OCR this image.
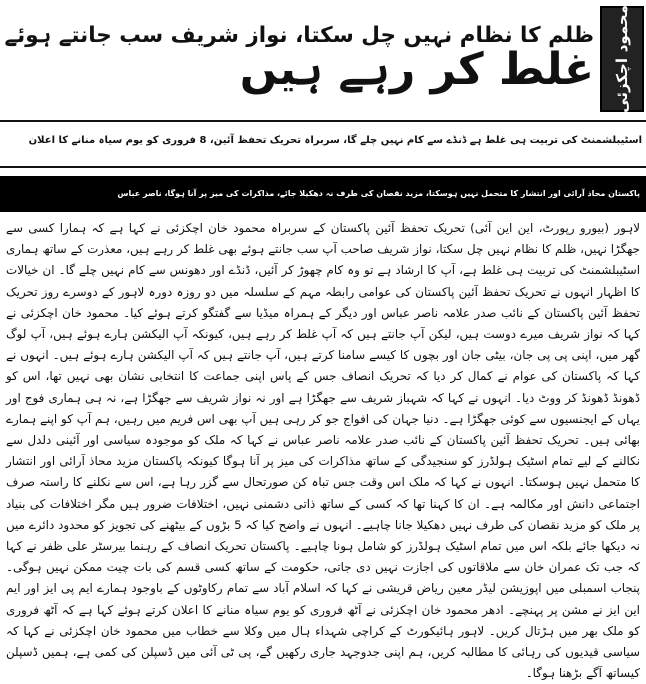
ظلم کا نظام نہیں چل سکتا، نواز شریف سب جانتے ہوئے
غلط کر رہے ہیں
محمود
اچکزئی
اسٹیبلشمنٹ کی تربیت ہی غلط ہے ڈنڈے سے کام نہیں چلے گا، سربراہ تحریک تحفظ آئین، 8 فروری کو یوم سیاہ منانے کا اعلان
پاکستان محاذ آرائی اور انتشار کا متحمل نہیں ہوسکتا، مزید نقصان کی طرف نہ دھکیلا جائے، مذاکرات کی میز پر آنا ہوگا، ناصر عباس

لاہور (بیورو رپورٹ، این این آئی) تحریک تحفظ آئین پاکستان کے سربراہ محمود خان اچکزئی نے کہا ہے کہ ہمارا کسی سے جھگڑا نہیں، ظلم کا نظام نہیں چل سکتا، نواز شریف صاحب آپ سب جانتے ہوئے بھی غلط کر رہے ہیں، معذرت کے ساتھ ہماری اسٹیبلشمنٹ کی تربیت ہی غلط ہے، آپ کا ارشاد ہے تو وہ کام چھوڑ کر آئیں، ڈنڈے اور دھونس سے کام نہیں چلے گا۔ ان خیالات کا اظہار انہوں نے تحریک تحفظ آئین پاکستان کی عوامی رابطہ مہم کے سلسلہ میں دو روزہ دورہ لاہور کے دوسرے روز تحریک تحفظ آئین پاکستان کے نائب صدر علامہ ناصر عباس اور دیگر کے ہمراہ میڈیا سے گفتگو کرتے ہوئے کیا۔ محمود خان اچکزئی نے کہا کہ نواز شریف میرے دوست ہیں، لیکن آپ جانتے ہیں کہ آپ غلط کر رہے ہیں، کیونکہ آپ الیکشن ہارے ہوئے ہیں، آپ لوگ گھر میں، اپنی پی پی جان، بیٹی جان اور بچوں کا کیسے سامنا کرتے ہیں، آپ جانتے ہیں کہ آپ الیکشن ہارے ہوئے ہیں۔ انہوں نے کہا کہ پاکستان کی عوام نے کمال کر دیا کہ تحریک انصاف جس کے پاس اپنی جماعت کا انتخابی نشان بھی نہیں تھا، اس کو ڈھونڈ ڈھونڈ کر ووٹ دیا۔ انہوں نے کہا کہ شہباز شریف سے جھگڑا ہے اور نہ نواز شریف سے جھگڑا ہے، نہ ہی ہماری فوج اور یہاں کے ایجنسیوں سے کوئی جھگڑا ہے۔ دنیا جہان کی افواج جو کر رہی ہیں آپ بھی اس فریم میں رہیں، ہم آپ کو اپنے ہمارے بھائی ہیں۔ تحریک تحفظ آئین پاکستان کے نائب صدر علامہ ناصر عباس نے کہا کہ ملک کو موجودہ سیاسی اور آئینی دلدل سے نکالنے کے لیے تمام اسٹیک ہولڈرز کو سنجیدگی کے ساتھ مذاکرات کی میز پر آنا ہوگا کیونکہ پاکستان مزید محاذ آرائی اور انتشار کا متحمل نہیں ہوسکتا۔ انہوں نے کہا کہ ملک اس وقت جس تباہ کن صورتحال سے گزر رہا ہے، اس سے نکلنے کا راستہ صرف اجتماعی دانش اور مکالمہ ہے۔ ان کا کہنا تھا کہ کسی کے ساتھ ذاتی دشمنی نہیں، اختلافات ضرور ہیں مگر اختلافات کی بنیاد پر ملک کو مزید نقصان کی طرف نہیں دھکیلا جانا چاہیے۔ انہوں نے واضح کیا کہ 5 بڑوں کے بیٹھنے کی تجویز کو محدود دائرے میں نہ دیکھا جائے بلکہ اس میں تمام اسٹیک ہولڈرز کو شامل ہونا چاہیے۔ پاکستان تحریک انصاف کے رہنما بیرسٹر علی ظفر نے کہا کہ جب تک عمران خان سے ملاقاتوں کی اجازت نہیں دی جاتی، حکومت کے ساتھ کسی قسم کی بات چیت ممکن نہیں ہوگی۔ پنجاب اسمبلی میں اپوزیشن لیڈر معین ریاض قریشی نے کہا کہ اسلام آباد سے تمام رکاوٹوں کے باوجود ہمارے ایم پی ایز اور ایم این ایز نے مشن پر پہنچے۔ ادھر محمود خان اچکزئی نے آٹھ فروری کو یوم سیاہ منانے کا اعلان کرتے ہوئے کہا ہے کہ آٹھ فروری کو ملک بھر میں ہڑتال کریں۔ لاہور ہائیکورٹ کے کراچی شہداء ہال میں وکلا سے خطاب میں محمود خان اچکزئی نے کہا کہ سیاسی قیدیوں کی رہائی کا مطالبہ کریں، ہم اپنی جدوجہد جاری رکھیں گے، پی ٹی آئی میں ڈسپلن کی کمی ہے، ہمیں ڈسپلن کیساتھ آگے بڑھنا ہوگا۔
